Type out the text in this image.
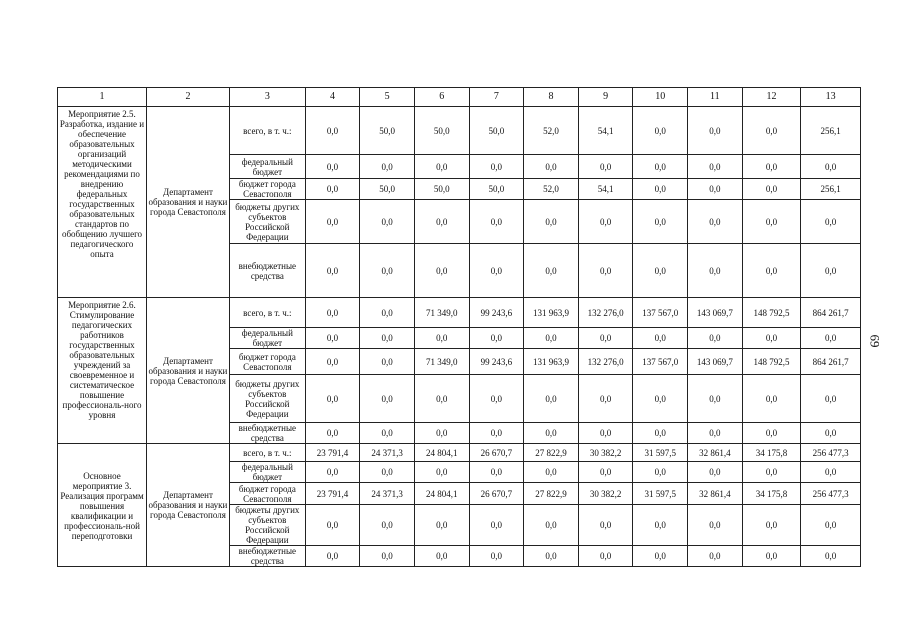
1	2	3	4	5	6	7	8	9	10	11	12	13
Мероприятие 2.5. Разработка, издание и обеспечение образовательных организаций методическими рекомендациями по внедрению федеральных государственных образовательных стандартов по обобщению лучшего педагогического опыта	Департамент образования и науки города Севастополя	всего, в т. ч.:	0,0	50,0	50,0	50,0	52,0	54,1	0,0	0,0	0,0	256,1
		федеральный бюджет	0,0	0,0	0,0	0,0	0,0	0,0	0,0	0,0	0,0	0,0
		бюджет города Севастополя	0,0	50,0	50,0	50,0	52,0	54,1	0,0	0,0	0,0	256,1
		бюджеты других субъектов Российской Федерации	0,0	0,0	0,0	0,0	0,0	0,0	0,0	0,0	0,0	0,0
		внебюджетные средства	0,0	0,0	0,0	0,0	0,0	0,0	0,0	0,0	0,0	0,0
Мероприятие 2.6. Стимулирование педагогических работников государственных образовательных учреждений за своевременное и систематическое повышение профессиональ-ного уровня	Департамент образования и науки города Севастополя	всего, в т. ч.:	0,0	0,0	71 349,0	99 243,6	131 963,9	132 276,0	137 567,0	143 069,7	148 792,5	864 261,7
		федеральный бюджет	0,0	0,0	0,0	0,0	0,0	0,0	0,0	0,0	0,0	0,0
		бюджет города Севастополя	0,0	0,0	71 349,0	99 243,6	131 963,9	132 276,0	137 567,0	143 069,7	148 792,5	864 261,7
		бюджеты других субъектов Российской Федерации	0,0	0,0	0,0	0,0	0,0	0,0	0,0	0,0	0,0	0,0
		внебюджетные средства	0,0	0,0	0,0	0,0	0,0	0,0	0,0	0,0	0,0	0,0
Основное мероприятие 3. Реализация программ повышения квалификации и профессиональ-ной переподготовки	Департамент образования и науки города Севастополя	всего, в т. ч.:	23 791,4	24 371,3	24 804,1	26 670,7	27 822,9	30 382,2	31 597,5	32 861,4	34 175,8	256 477,3
		федеральный бюджет	0,0	0,0	0,0	0,0	0,0	0,0	0,0	0,0	0,0	0,0
		бюджет города Севастополя	23 791,4	24 371,3	24 804,1	26 670,7	27 822,9	30 382,2	31 597,5	32 861,4	34 175,8	256 477,3
		бюджеты других субъектов Российской Федерации	0,0	0,0	0,0	0,0	0,0	0,0	0,0	0,0	0,0	0,0
		внебюджетные средства	0,0	0,0	0,0	0,0	0,0	0,0	0,0	0,0	0,0	0,0
69
